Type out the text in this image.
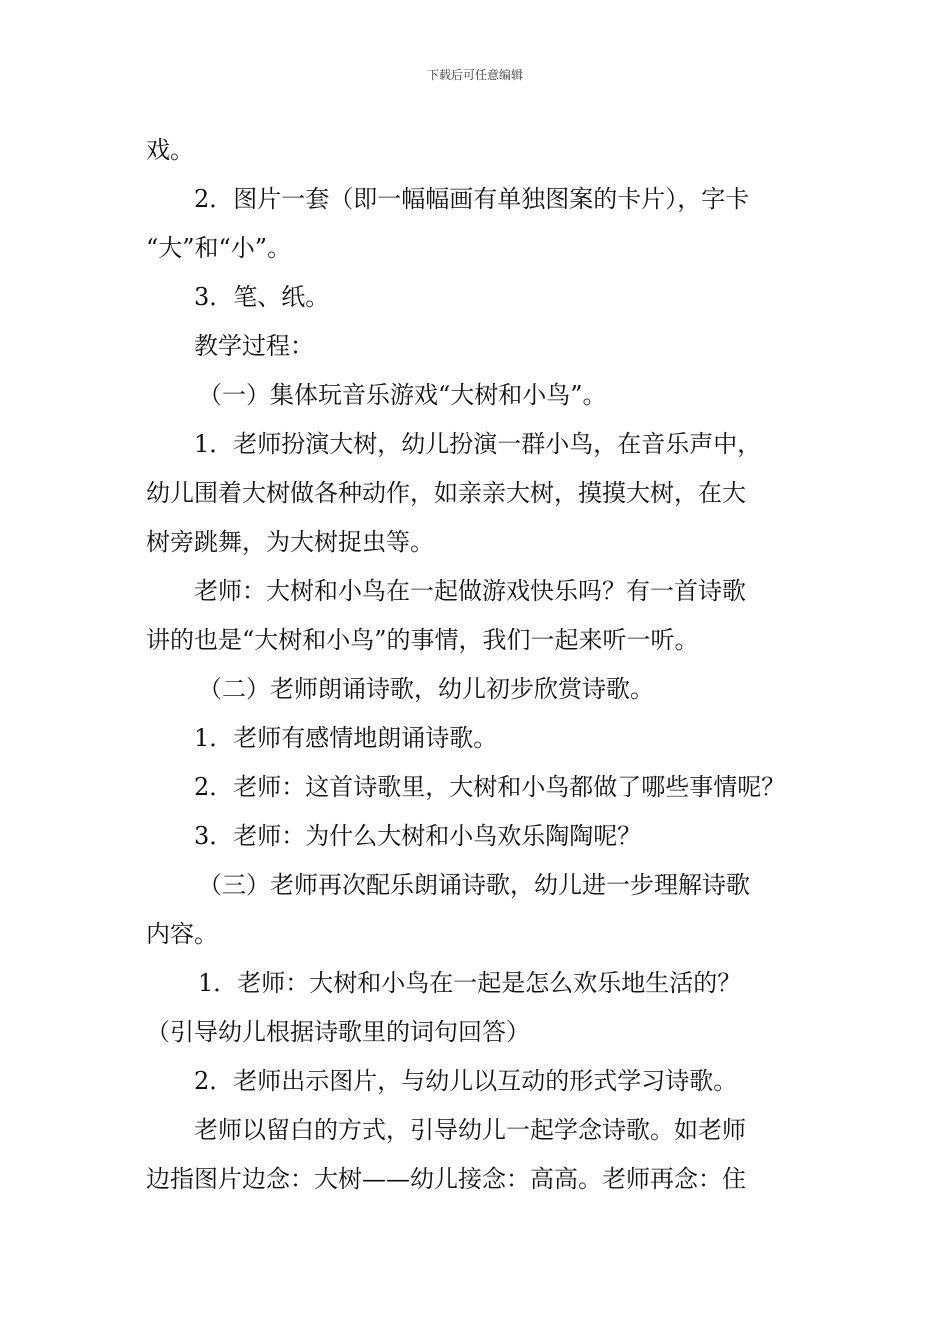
下载后可任意编辑
戏。
2．图片一套（即一幅幅画有单独图案的卡片），字卡
“大”和“小”。
3．笔、纸。
教学过程：
（一）集体玩音乐游戏“大树和小鸟”。
1．老师扮演大树，幼儿扮演一群小鸟，在音乐声中，
幼儿围着大树做各种动作，如亲亲大树，摸摸大树，在大
树旁跳舞，为大树捉虫等。
老师：大树和小鸟在一起做游戏快乐吗？有一首诗歌
讲的也是“大树和小鸟”的事情，我们一起来听一听。
（二）老师朗诵诗歌，幼儿初步欣赏诗歌。
1．老师有感情地朗诵诗歌。
2．老师：这首诗歌里，大树和小鸟都做了哪些事情呢？
3．老师：为什么大树和小鸟欢乐陶陶呢？
（三）老师再次配乐朗诵诗歌，幼儿进一步理解诗歌
内容。
1．老师：大树和小鸟在一起是怎么欢乐地生活的？
（引导幼儿根据诗歌里的词句回答）
2．老师出示图片，与幼儿以互动的形式学习诗歌。
老师以留白的方式，引导幼儿一起学念诗歌。如老师
边指图片边念：大树——幼儿接念：高高。老师再念：住
